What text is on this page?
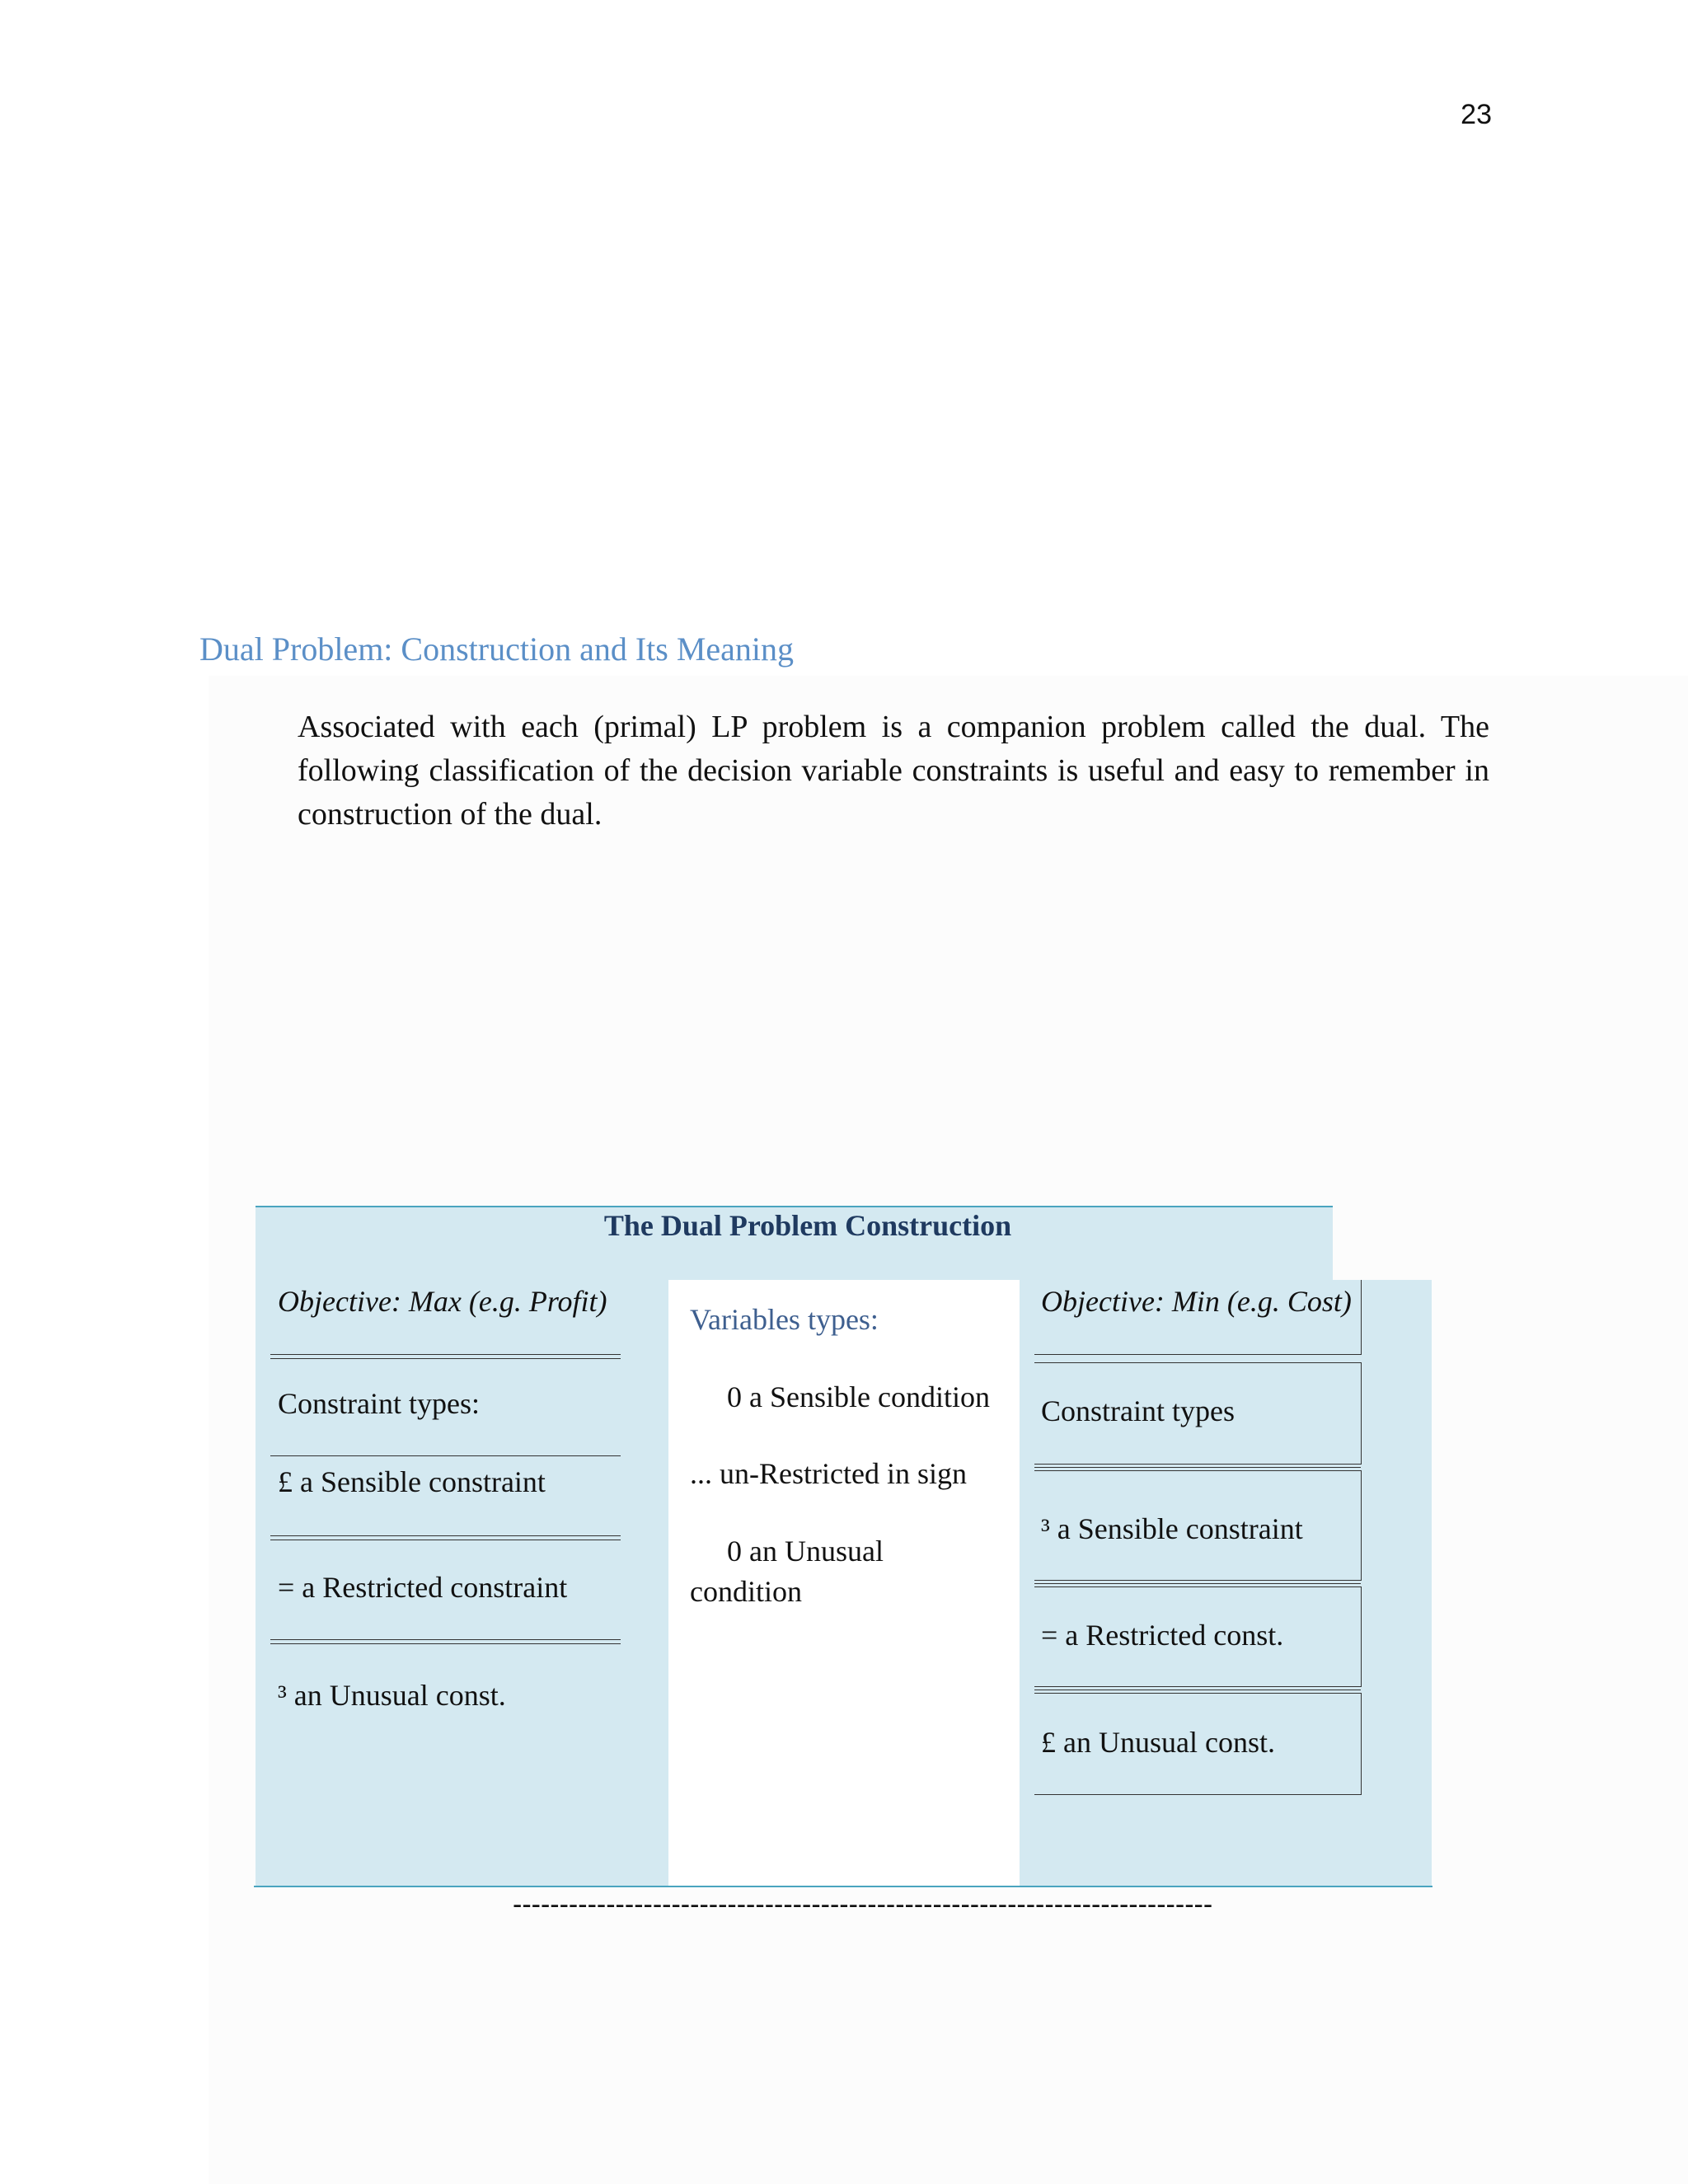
23
Dual Problem: Construction and Its Meaning
Associated with each (primal) LP problem is a companion problem called the dual. The following classification of the decision variable constraints is useful and easy to remember in construction of the dual.
The Dual Problem Construction
Objective: Max (e.g. Profit)
Constraint types:
£ a Sensible constraint
= a Restricted constraint
³ an Unusual const.
Variables types:
0 a Sensible condition
... un-Restricted in sign
0 an Unusual
condition
Objective: Min (e.g. Cost)
Constraint types
³ a Sensible constraint
= a Restricted const.
£ an Unusual const.
---------------------------------------------------------------------------
